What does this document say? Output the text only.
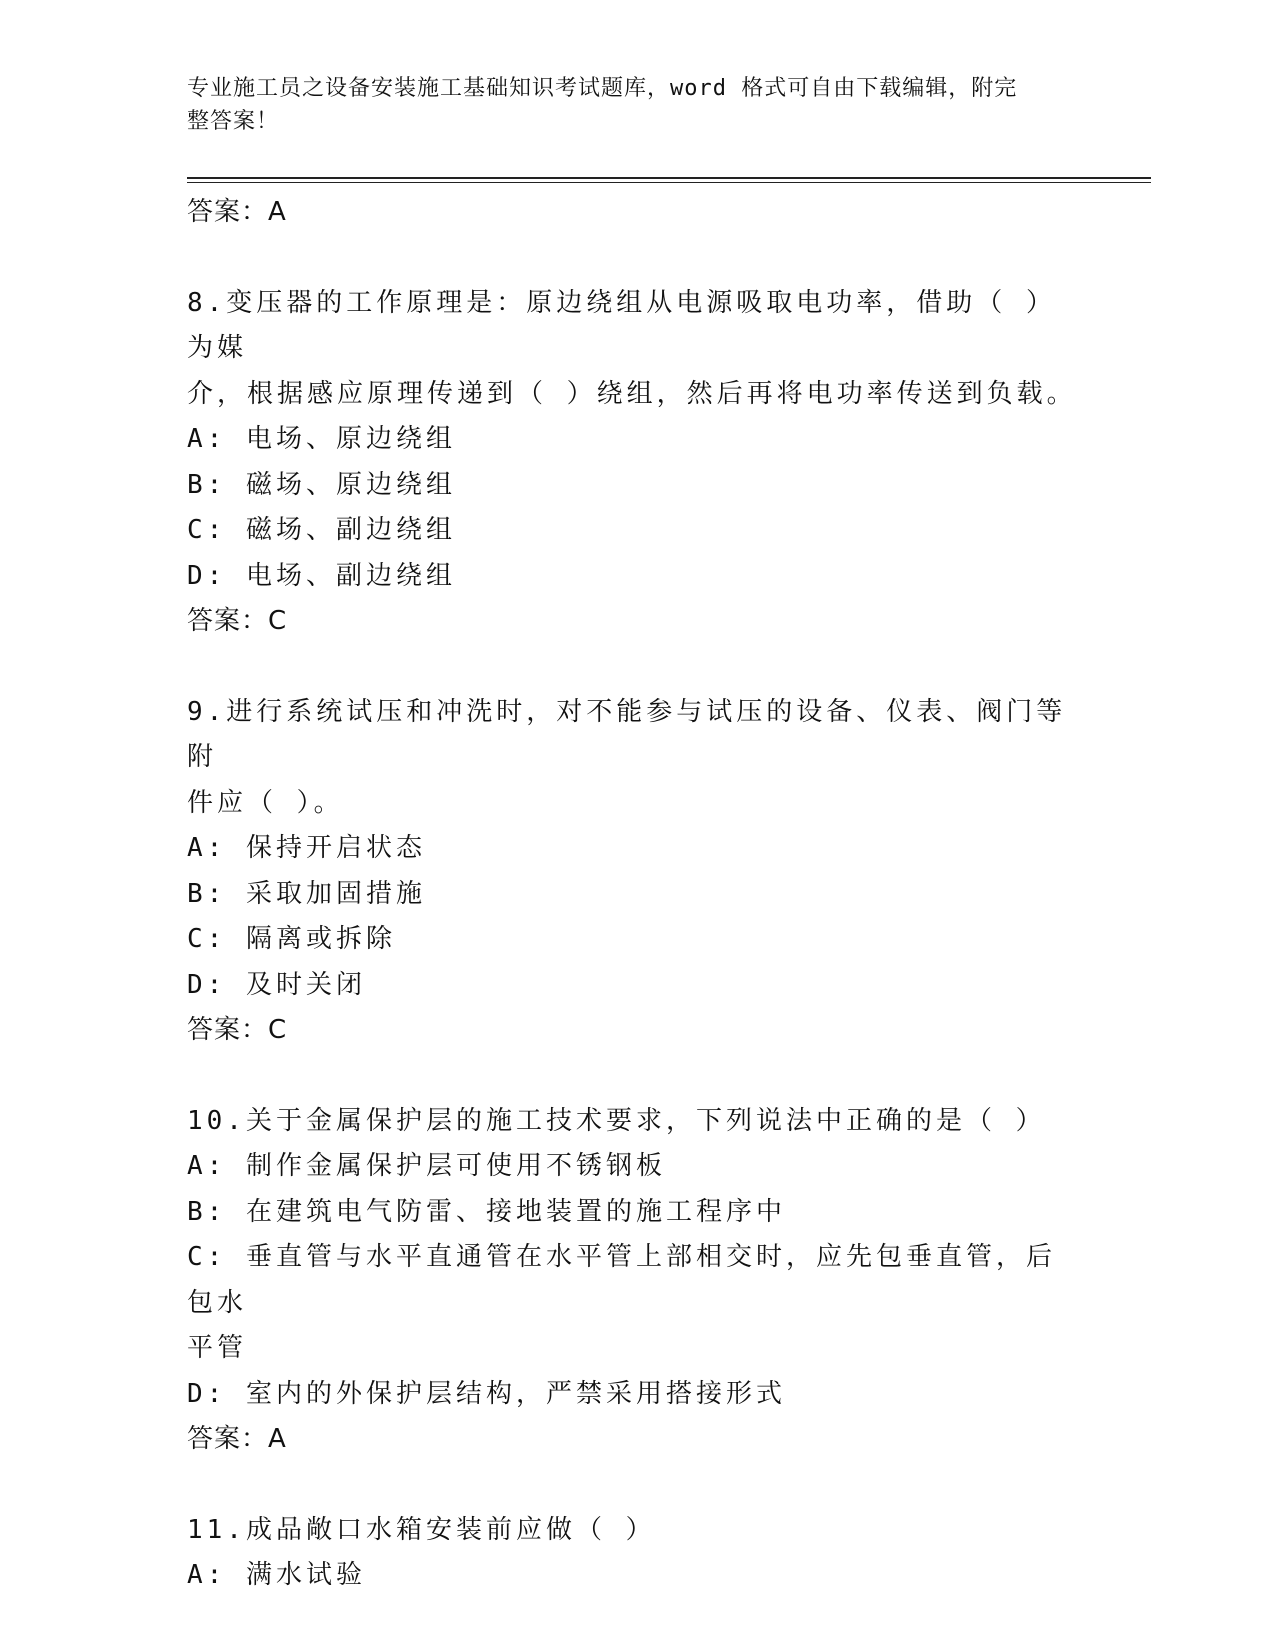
专业施工员之设备安装施工基础知识考试题库，word 格式可自由下载编辑，附完
整答案！
答案：A
8.变压器的工作原理是：原边绕组从电源吸取电功率，借助（ ）为媒
介，根据感应原理传递到（ ）绕组，然后再将电功率传送到负载。
A: 电场、原边绕组
B: 磁场、原边绕组
C: 磁场、副边绕组
D: 电场、副边绕组
答案：C
9.进行系统试压和冲洗时，对不能参与试压的设备、仪表、阀门等附
件应（ ）。
A: 保持开启状态
B: 采取加固措施
C: 隔离或拆除
D: 及时关闭
答案：C
10.关于金属保护层的施工技术要求，下列说法中正确的是（ ）
A: 制作金属保护层可使用不锈钢板
B: 在建筑电气防雷、接地装置的施工程序中
C: 垂直管与水平直通管在水平管上部相交时，应先包垂直管，后包水
平管
D: 室内的外保护层结构，严禁采用搭接形式
答案：A
11.成品敞口水箱安装前应做（ ）
A: 满水试验
